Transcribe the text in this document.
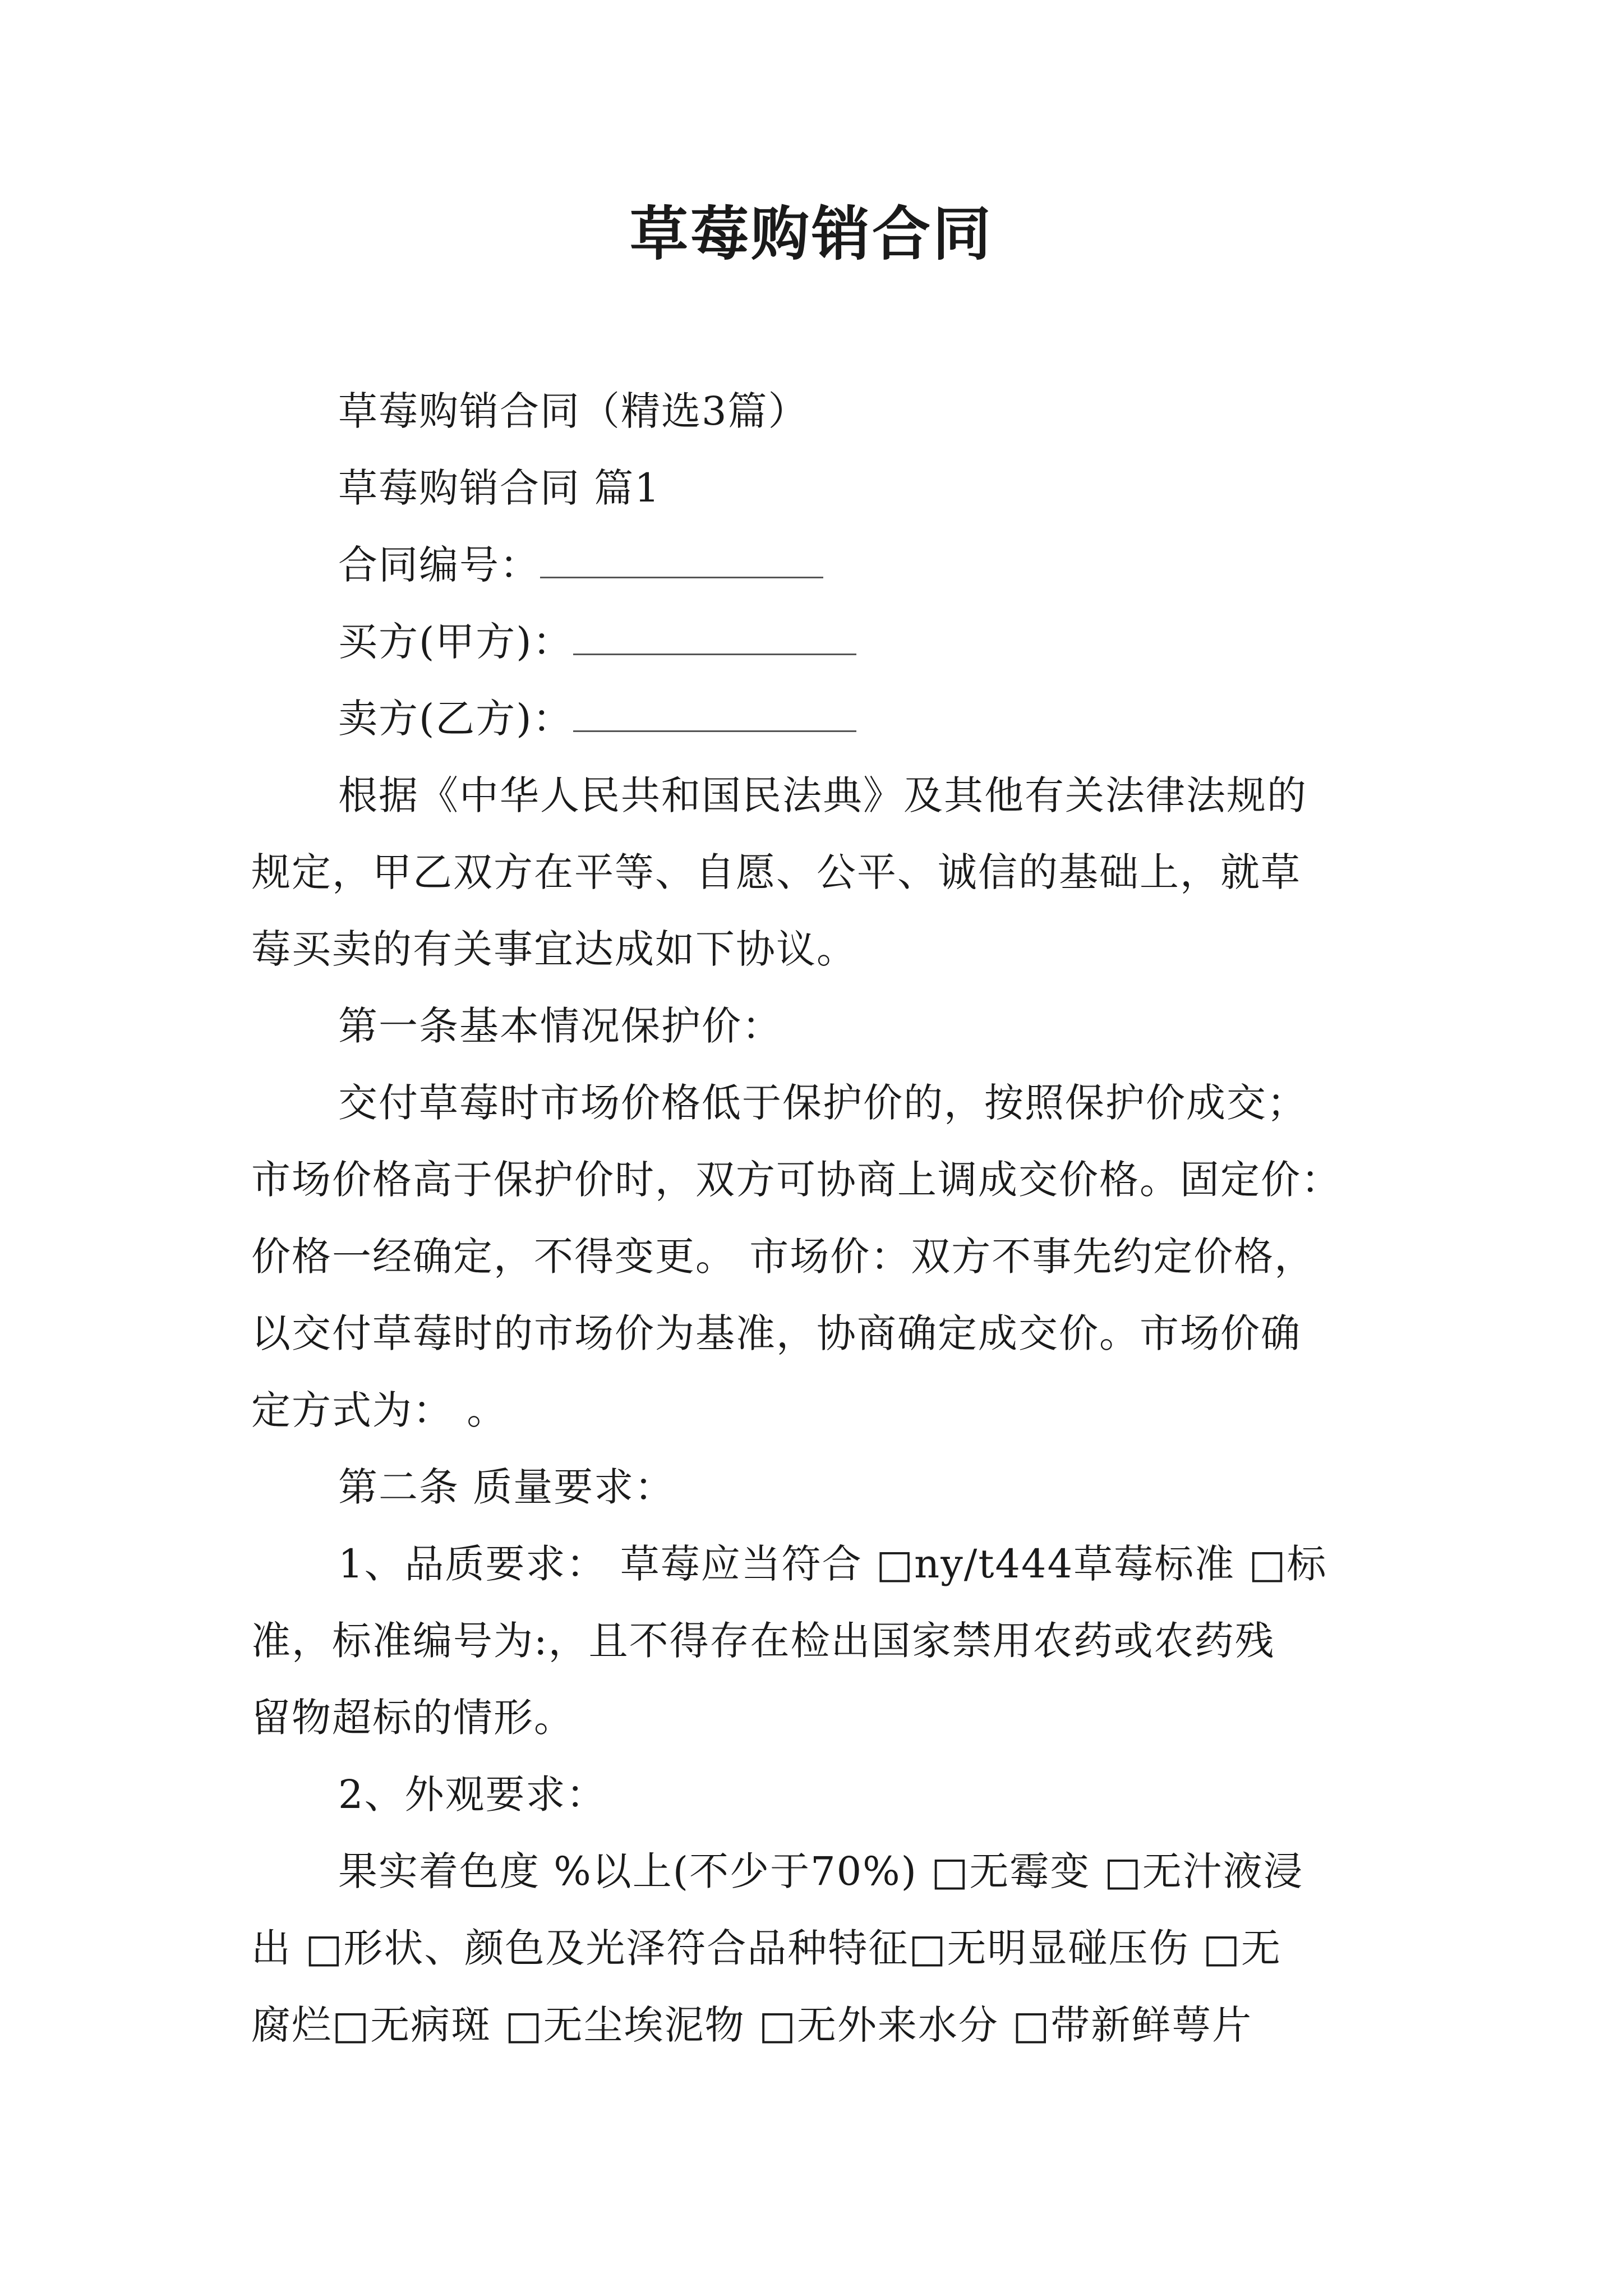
草莓购销合同

草莓购销合同（精选3篇）

草莓购销合同 篇1

合同编号：

买方(甲方)：

卖方(乙方)：

根据《中华人民共和国民法典》及其他有关法律法规的
规定，甲乙双方在平等、自愿、公平、诚信的基础上，就草
莓买卖的有关事宜达成如下协议。

第一条基本情况保护价：

交付草莓时市场价格低于保护价的，按照保护价成交；
市场价格高于保护价时，双方可协商上调成交价格。固定价：
价格一经确定，不得变更。 市场价：双方不事先约定价格，
以交付草莓时的市场价为基准，协商确定成交价。市场价确
定方式为： 。

第二条 质量要求：

1、品质要求： 草莓应当符合 □ny/t444草莓标准 □标
准，标准编号为:，且不得存在检出国家禁用农药或农药残
留物超标的情形。

2、外观要求：

果实着色度 %以上(不少于70%) □无霉变 □无汁液浸
出 □形状、颜色及光泽符合品种特征□无明显碰压伤 □无
腐烂□无病斑 □无尘埃泥物 □无外来水分 □带新鲜萼片
